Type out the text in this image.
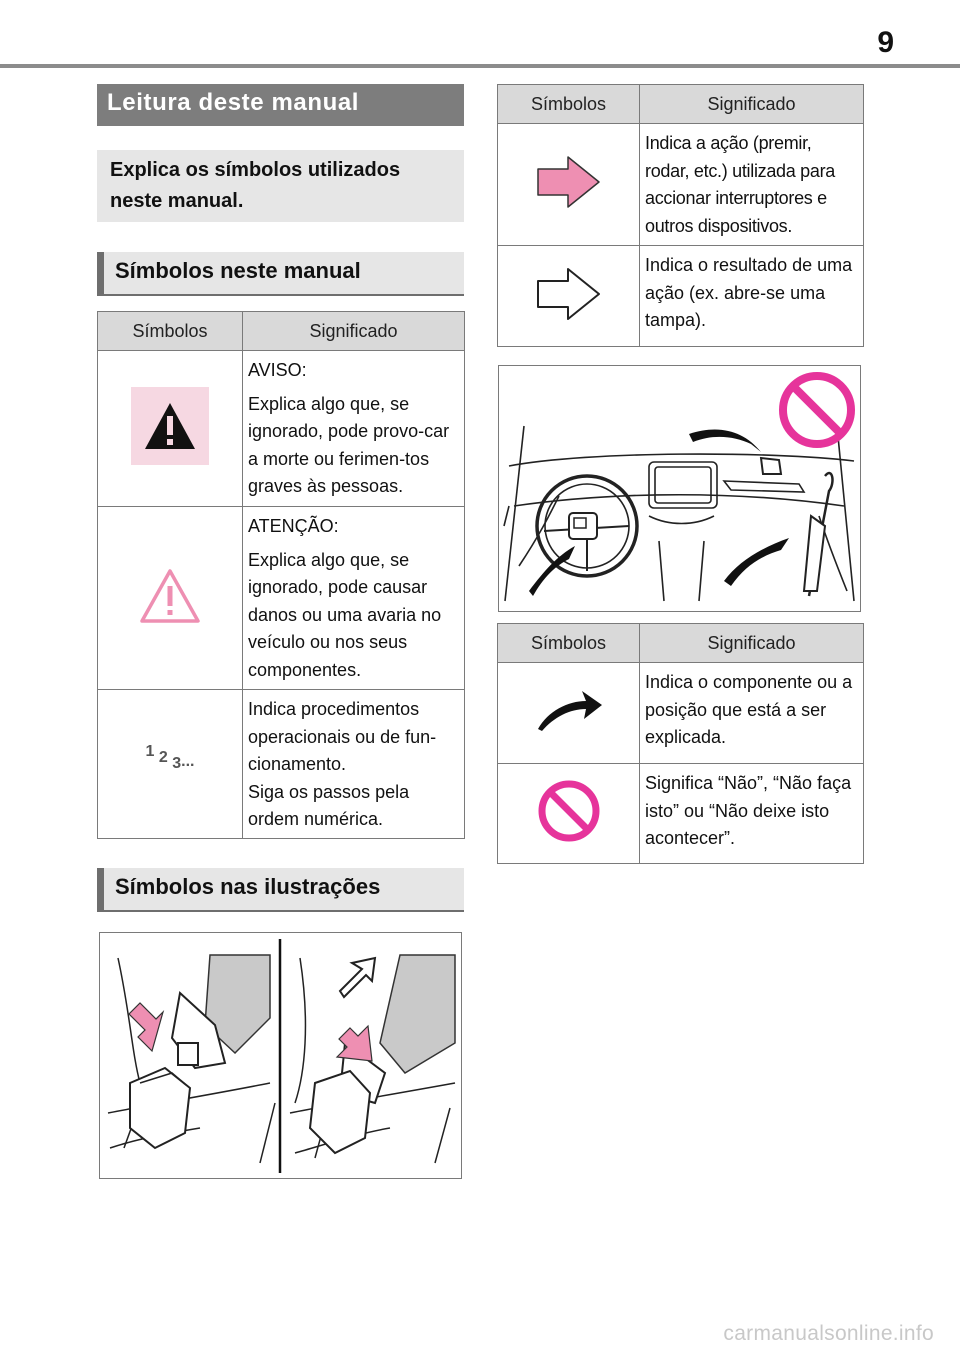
9
Leitura deste manual
Explica os símbolos utilizados neste manual.
Símbolos neste manual
Símbolos	Significado

AVISO:
Explica algo que, se ignorado, pode provo-car a morte ou ferimen-tos graves às pessoas.

ATENÇÃO:
Explica algo que, se ignorado, pode causar danos ou uma avaria no veículo ou nos seus componentes.
1 2 3...	Indica procedimentos operacionais ou de fun-cionamento.
Siga os passos pela ordem numérica.
Símbolos nas ilustrações
Símbolos	Significado

	Indica a ação (premir, rodar, etc.) utilizada para accionar interruptores e outros dispositivos.

	Indica o resultado de uma ação (ex. abre-se uma tampa).
Símbolos	Significado

	Indica o componente ou a posição que está a ser explicada.

	Significa “Não”, “Não faça isto” ou “Não deixe isto acontecer”.
carmanualsonline.info
